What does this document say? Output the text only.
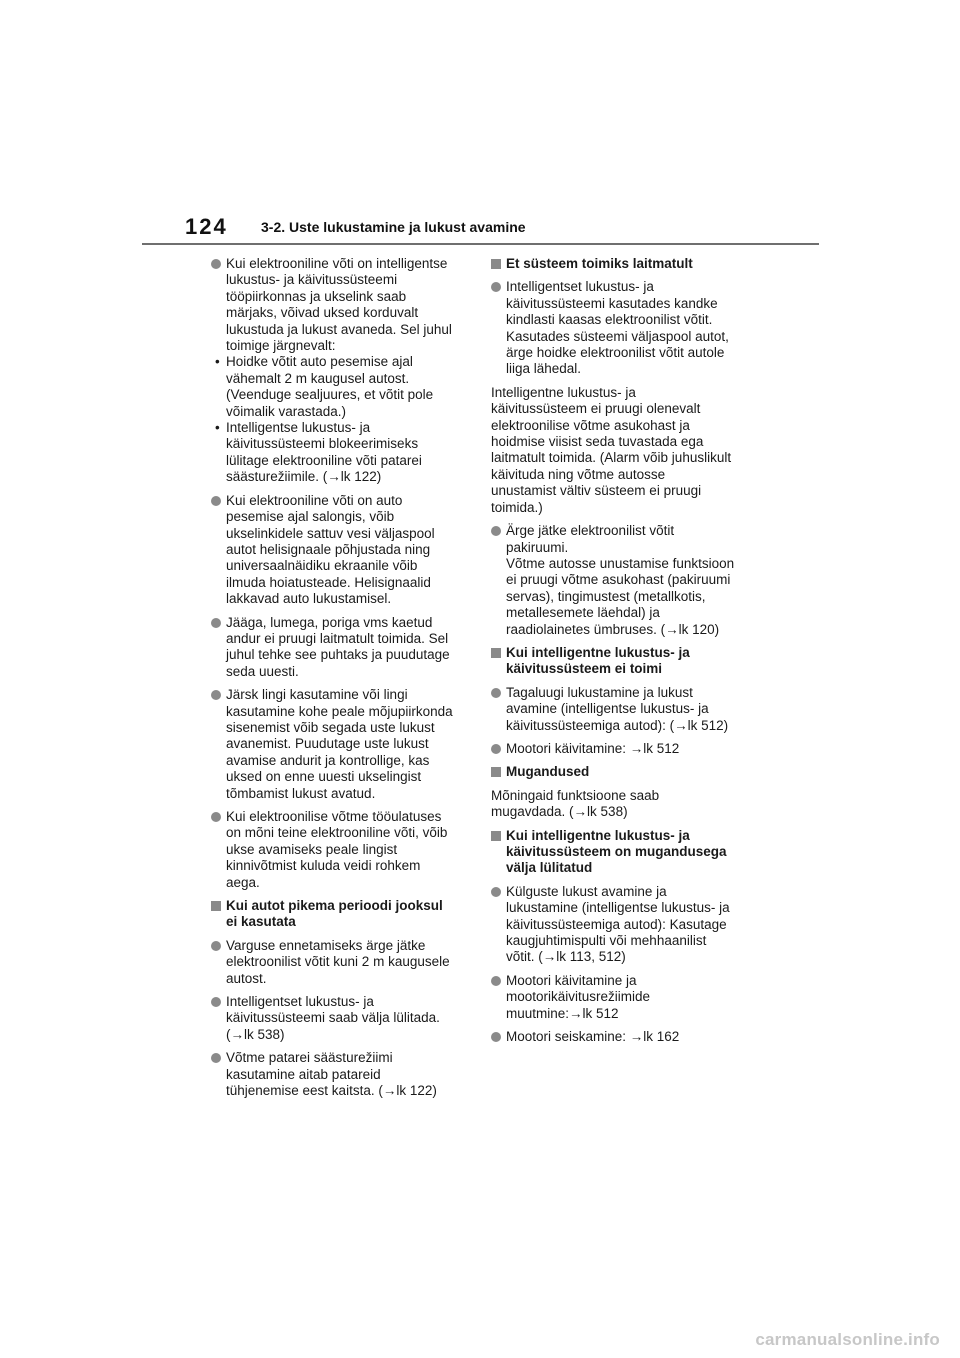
124 3-2. Uste lukustamine ja lukust avamine
Kui elektrooniline võti on intelligentse
lukustus- ja käivitussüsteemi
tööpiirkonnas ja ukselink saab
märjaks, võivad uksed korduvalt
lukustuda ja lukust avaneda. Sel juhul
toimige järgnevalt:
• Hoidke võtit auto pesemise ajal
vähemalt 2 m kaugusel autost.
(Veenduge sealjuures, et võtit pole
võimalik varastada.)
• Intelligentse lukustus- ja
käivitussüsteemi blokeerimiseks
lülitage elektrooniline võti patarei
säästurežiimile. (→lk 122)
Kui elektrooniline võti on auto
pesemise ajal salongis, võib
ukselinkidele sattuv vesi väljaspool
autot helisignaale põhjustada ning
universaalnäidiku ekraanile võib
ilmuda hoiatusteade. Helisignaalid
lakkavad auto lukustamisel.
Jääga, lumega, poriga vms kaetud
andur ei pruugi laitmatult toimida. Sel
juhul tehke see puhtaks ja puudutage
seda uuesti.
Järsk lingi kasutamine või lingi
kasutamine kohe peale mõjupiirkonda
sisenemist võib segada uste lukust
avanemist. Puudutage uste lukust
avamise andurit ja kontrollige, kas
uksed on enne uuesti ukselingist
tõmbamist lukust avatud.
Kui elektroonilise võtme tööulatuses
on mõni teine elektrooniline võti, võib
ukse avamiseks peale lingist
kinnivõtmist kuluda veidi rohkem
aega.
Kui autot pikema perioodi jooksul
ei kasutata
Varguse ennetamiseks ärge jätke
elektroonilist võtit kuni 2 m kaugusele
autost.
Intelligentset lukustus- ja
käivitussüsteemi saab välja lülitada.
(→lk 538)
Võtme patarei säästurežiimi
kasutamine aitab patareid
tühjenemise eest kaitsta. (→lk 122)
Et süsteem toimiks laitmatult
Intelligentset lukustus- ja
käivitussüsteemi kasutades kandke
kindlasti kaasas elektroonilist võtit.
Kasutades süsteemi väljaspool autot,
ärge hoidke elektroonilist võtit autole
liiga lähedal.
Intelligentne lukustus- ja
käivitussüsteem ei pruugi olenevalt
elektroonilise võtme asukohast ja
hoidmise viisist seda tuvastada ega
laitmatult toimida. (Alarm võib juhuslikult
käivituda ning võtme autosse
unustamist vältiv süsteem ei pruugi
toimida.)
Ärge jätke elektroonilist võtit
pakiruumi.
Võtme autosse unustamise funktsioon
ei pruugi võtme asukohast (pakiruumi
servas), tingimustest (metallkotis,
metallesemete läehdal) ja
raadiolainetes ümbruses. (→lk 120)
Kui intelligentne lukustus- ja
käivitussüsteem ei toimi
Tagaluugi lukustamine ja lukust
avamine (intelligentse lukustus- ja
käivitussüsteemiga autod): (→lk 512)
Mootori käivitamine: →lk 512
Mugandused
Mõningaid funktsioone saab
mugavdada. (→lk 538)
Kui intelligentne lukustus- ja
käivitussüsteem on mugandusega
välja lülitatud
Külguste lukust avamine ja
lukustamine (intelligentse lukustus- ja
käivitussüsteemiga autod): Kasutage
kaugjuhtimispulti või mehhaanilist
võtit. (→lk 113, 512)
Mootori käivitamine ja
mootorikäivitusrežiimide
muutmine:→lk 512
Mootori seiskamine: →lk 162
carmanualsonline.info
